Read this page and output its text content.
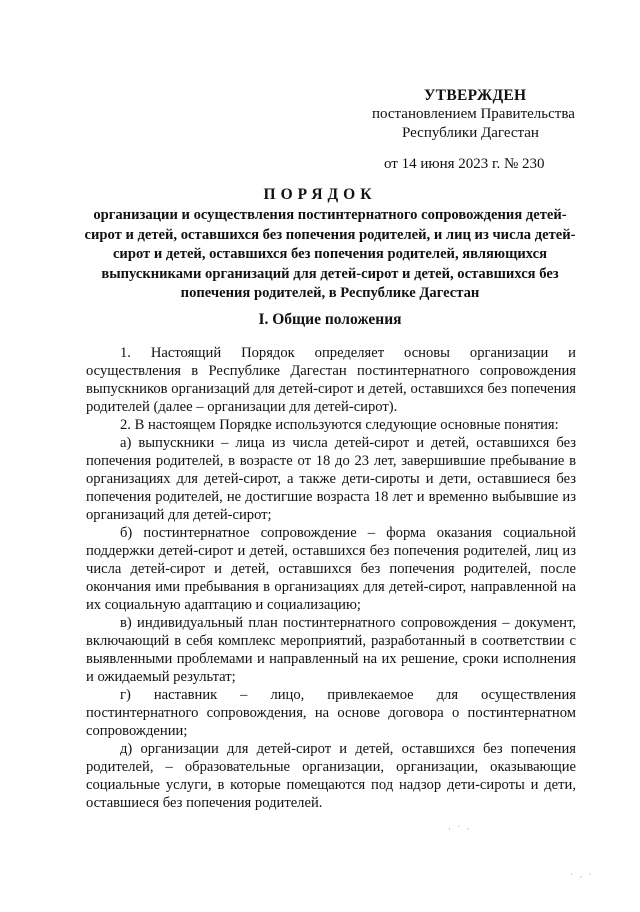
УТВЕРЖДЕН
постановлением Правительства
Республики Дагестан
от 14 июня 2023 г. № 230
ПОРЯДОК
организации и осуществления постинтернатного сопровождения детей-сирот и детей, оставшихся без попечения родителей, и лиц из числа детей-сирот и детей, оставшихся без попечения родителей, являющихся выпускниками организаций для детей-сирот и детей, оставшихся без попечения родителей, в Республике Дагестан
I. Общие положения

1. Настоящий Порядок определяет основы организации и осуществления в Республике Дагестан постинтернатного сопровождения выпускников организаций для детей-сирот и детей, оставшихся без попечения родителей (далее – организации для детей-сирот).

2. В настоящем Порядке используются следующие основные понятия:

а) выпускники – лица из числа детей-сирот и детей, оставшихся без попечения родителей, в возрасте от 18 до 23 лет, завершившие пребывание в организациях для детей-сирот, а также дети-сироты и дети, оставшиеся без попечения родителей, не достигшие возраста 18 лет и временно выбывшие из организаций для детей-сирот;

б) постинтернатное сопровождение – форма оказания социальной поддержки детей-сирот и детей, оставшихся без попечения родителей, лиц из числа детей-сирот и детей, оставшихся без попечения родителей, после окончания ими пребывания в организациях для детей-сирот, направленной на их социальную адаптацию и социализацию;

в) индивидуальный план постинтернатного сопровождения – документ, включающий в себя комплекс мероприятий, разработанный в соответствии с выявленными проблемами и направленный на их решение, сроки исполнения и ожидаемый результат;

г) наставник – лицо, привлекаемое для осуществления постинтернатного сопровождения, на основе договора о постинтернатном сопровождении;

д) организации для детей-сирот и детей, оставшихся без попечения родителей, – образовательные организации, организации, оказывающие социальные услуги, в которые помещаются под надзор дети-сироты и дети, оставшиеся без попечения родителей.

· ˙ ·
˙ · ˙
